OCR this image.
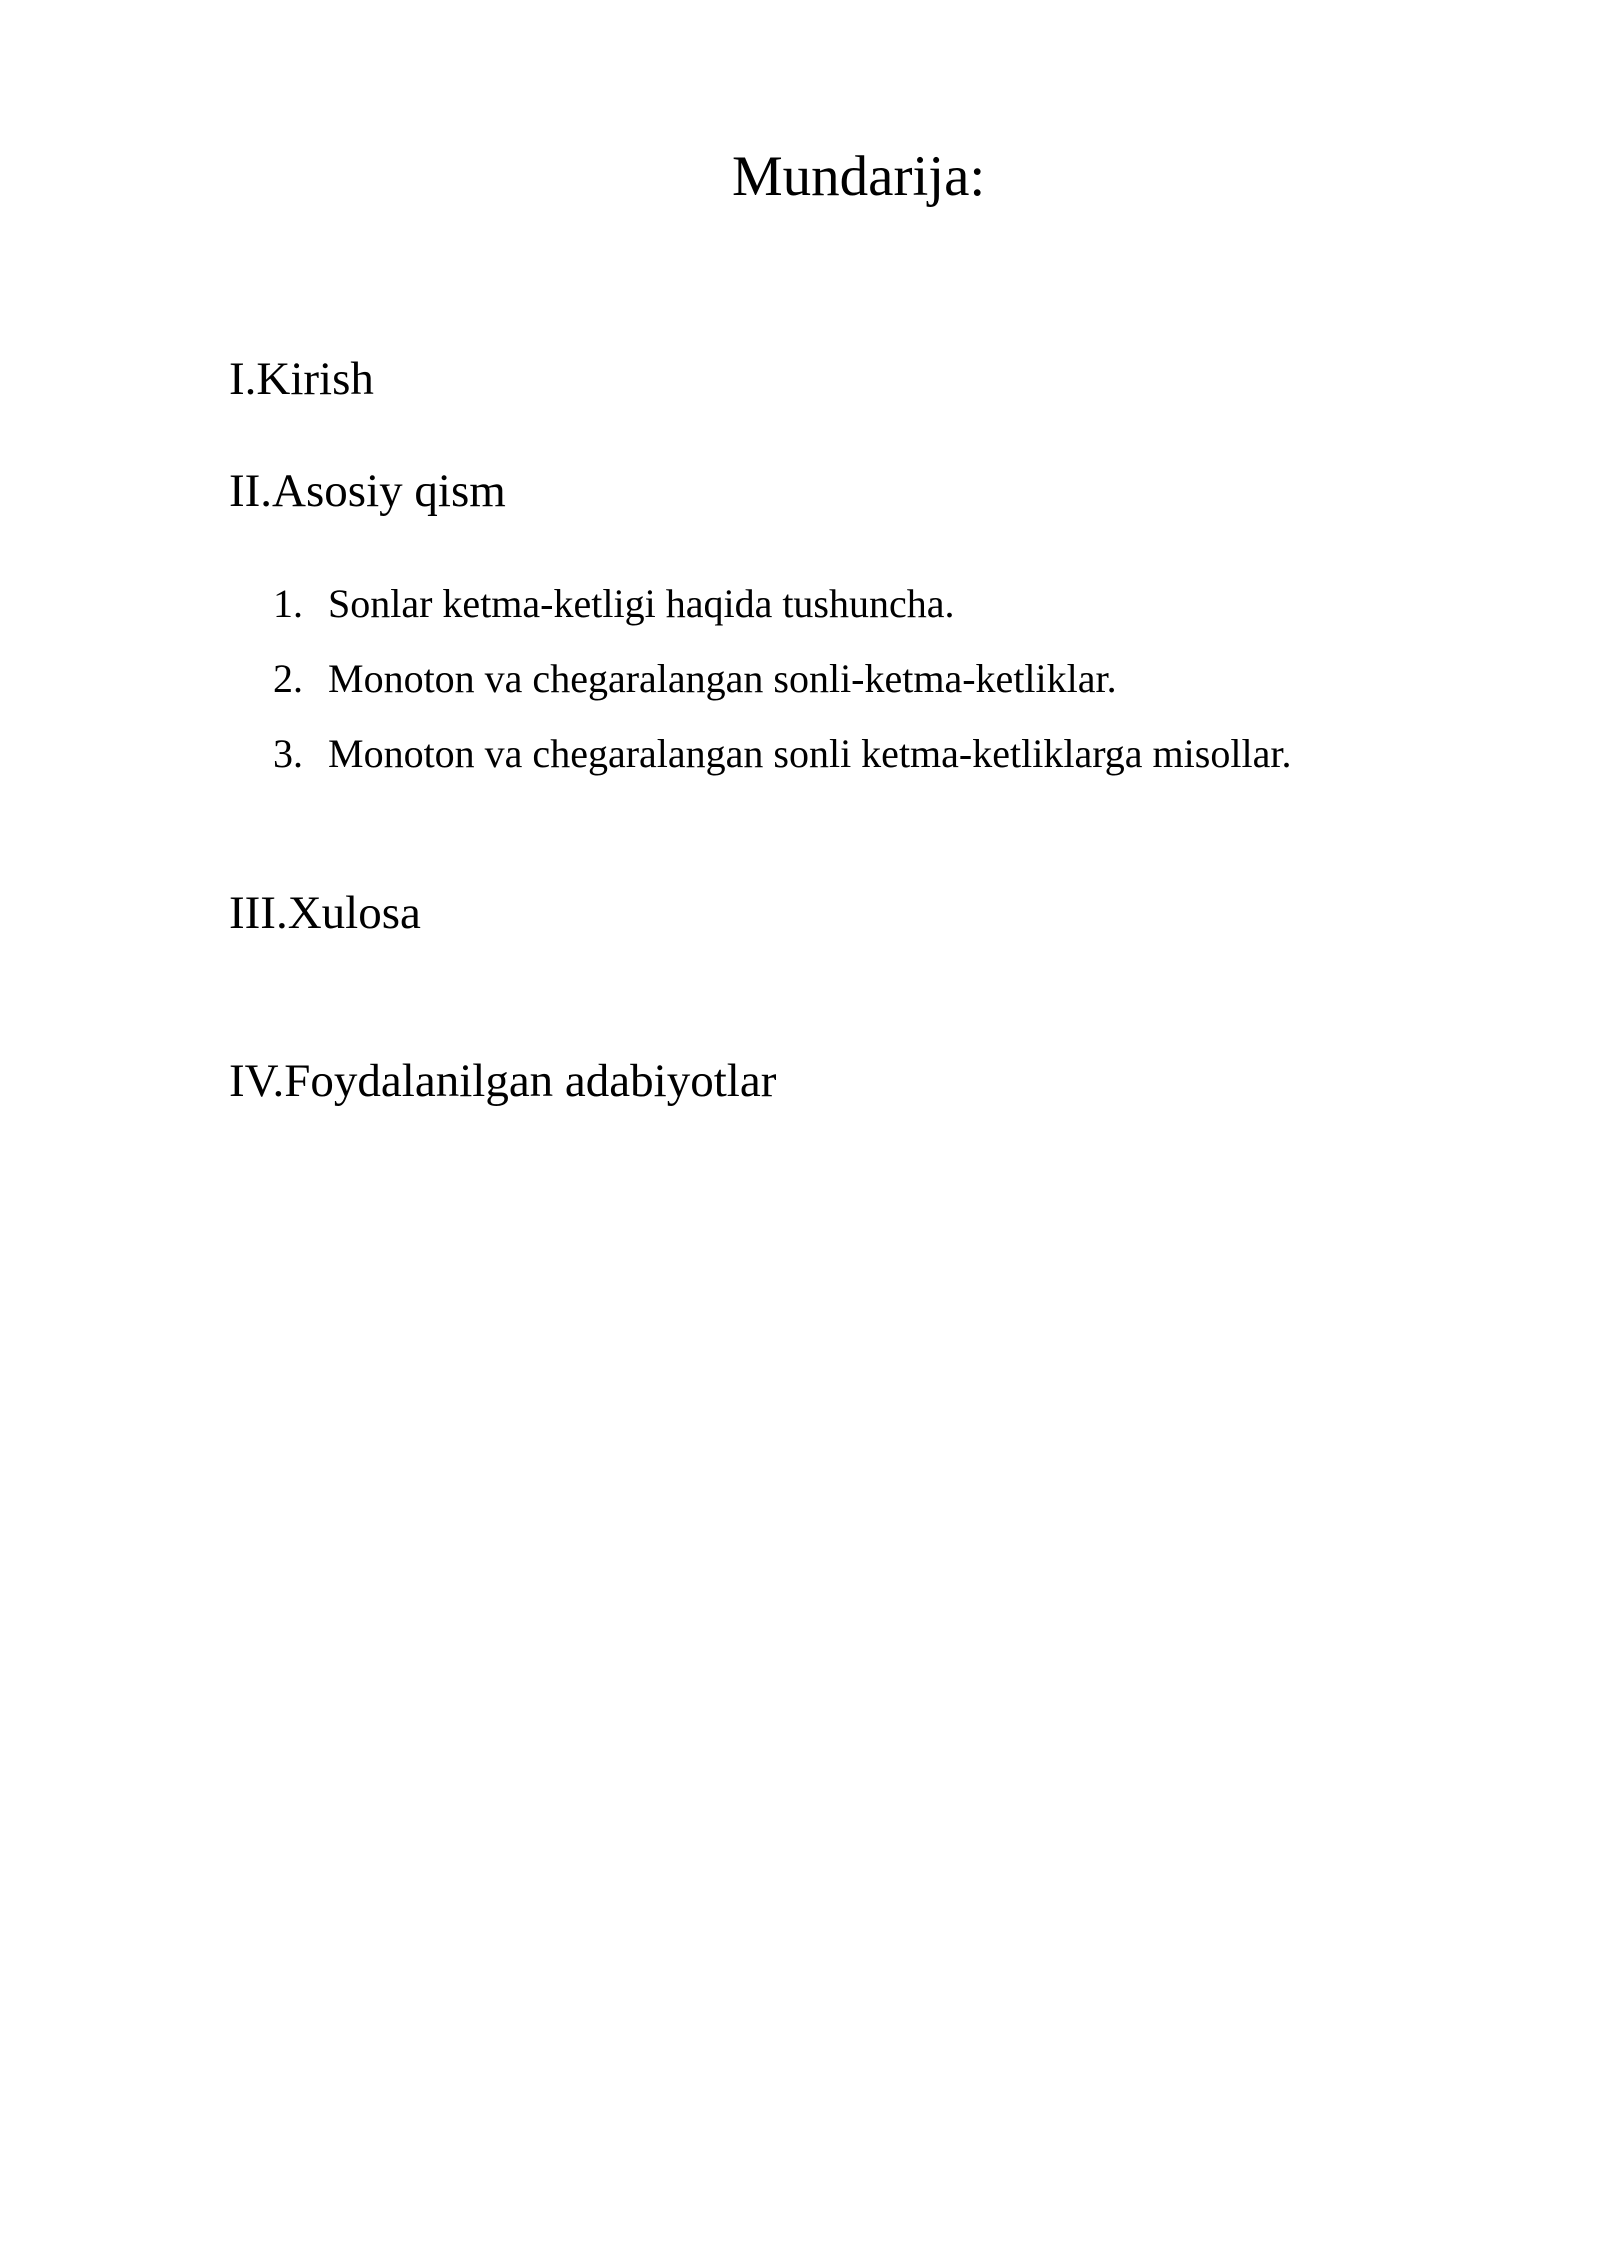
Mundarija:
I.Kirish
II.Asosiy qism
1. Sonlar ketma-ketligi haqida tushuncha.
2. Monoton va chegaralangan sonli-ketma-ketliklar.
3. Monoton va chegaralangan sonli ketma-ketliklarga misollar.
III.Xulosa
IV.Foydalanilgan adabiyotlar
